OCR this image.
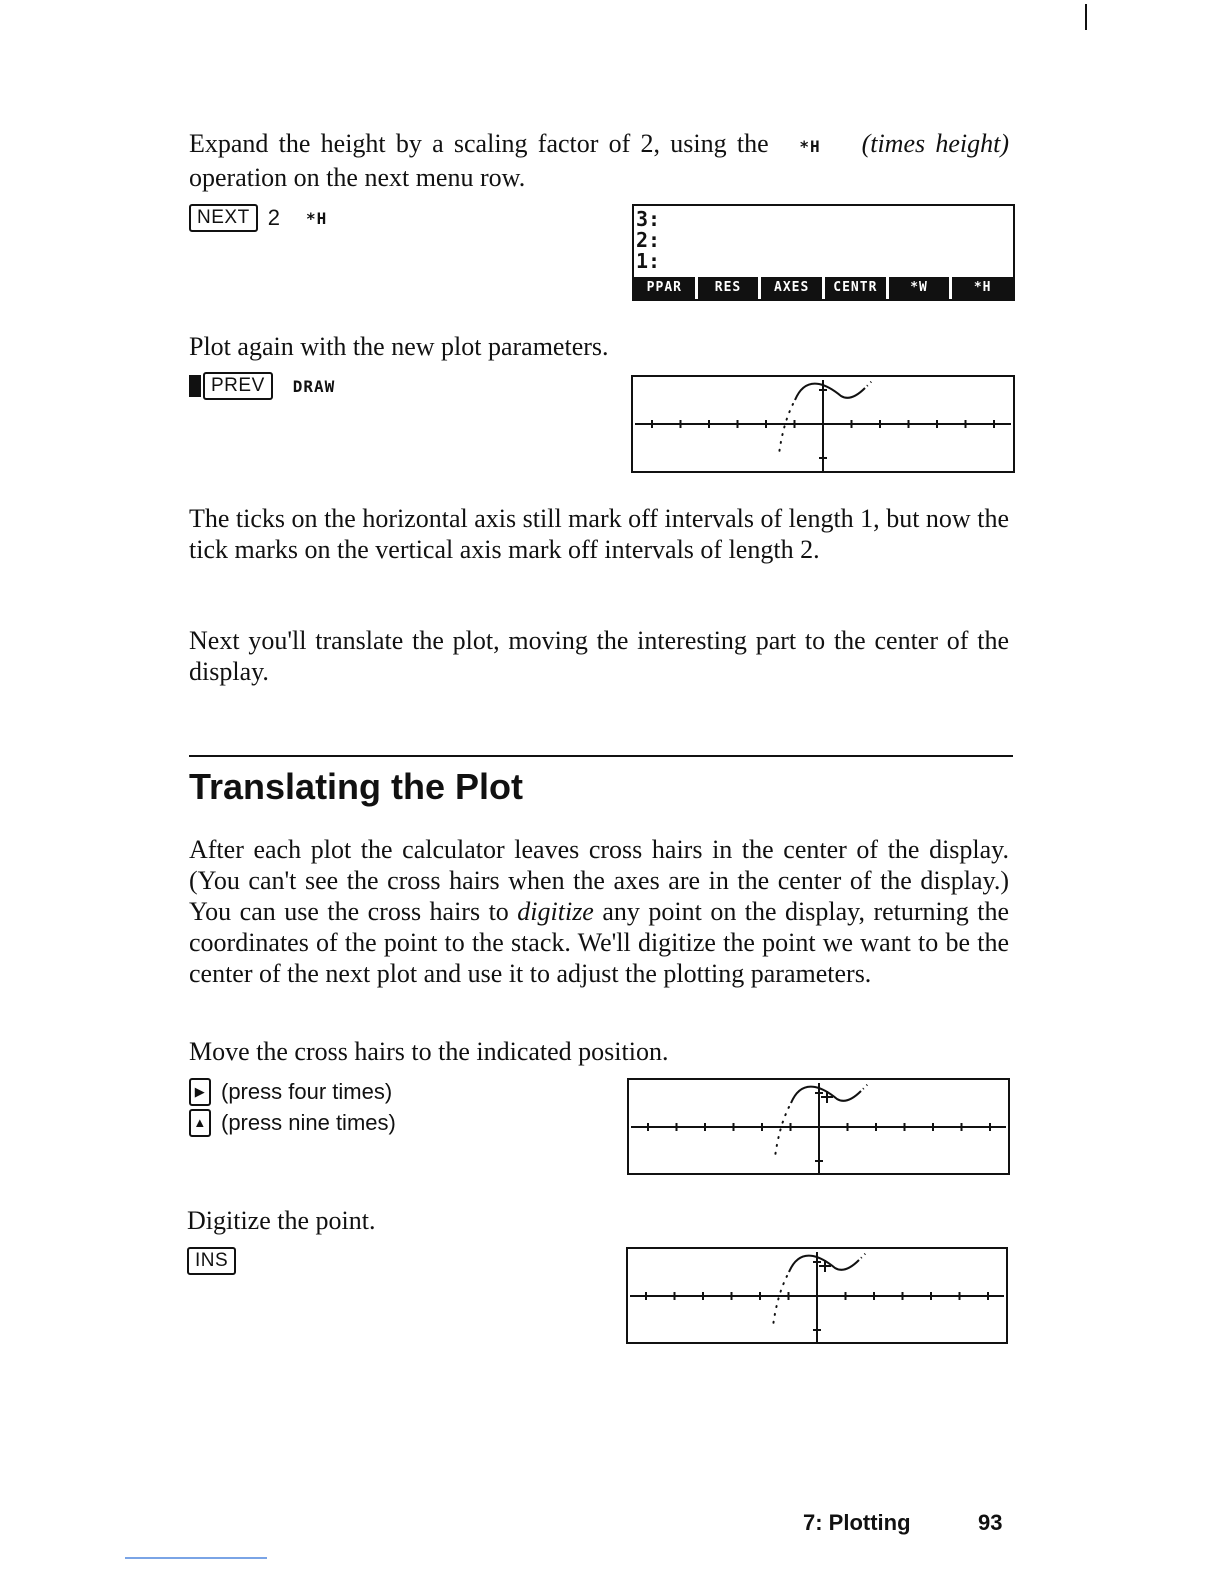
Expand the height by a scaling factor of 2, using the *H (times height) operation on the next menu row.
NEXT 2 *H	3:
2:
1:
PPAR	RES	AXES	CENTR	*W	*H
Plot again with the new plot parameters.
PREV	DRAW
The ticks on the horizontal axis still mark off intervals of length 1, but now the tick marks on the vertical axis mark off intervals of length 2.
Next you'll translate the plot, moving the interesting part to the center of the display.
Translating the Plot
After each plot the calculator leaves cross hairs in the center of the display. (You can't see the cross hairs when the axes are in the center of the display.) You can use the cross hairs to digitize any point on the display, returning the coordinates of the point to the stack. We'll digitize the point we want to be the center of the next plot and use it to adjust the plotting parameters.
Move the cross hairs to the indicated position.
▶ (press four times)
▲ (press nine times)
Digitize the point.
INS
7: Plotting	93
